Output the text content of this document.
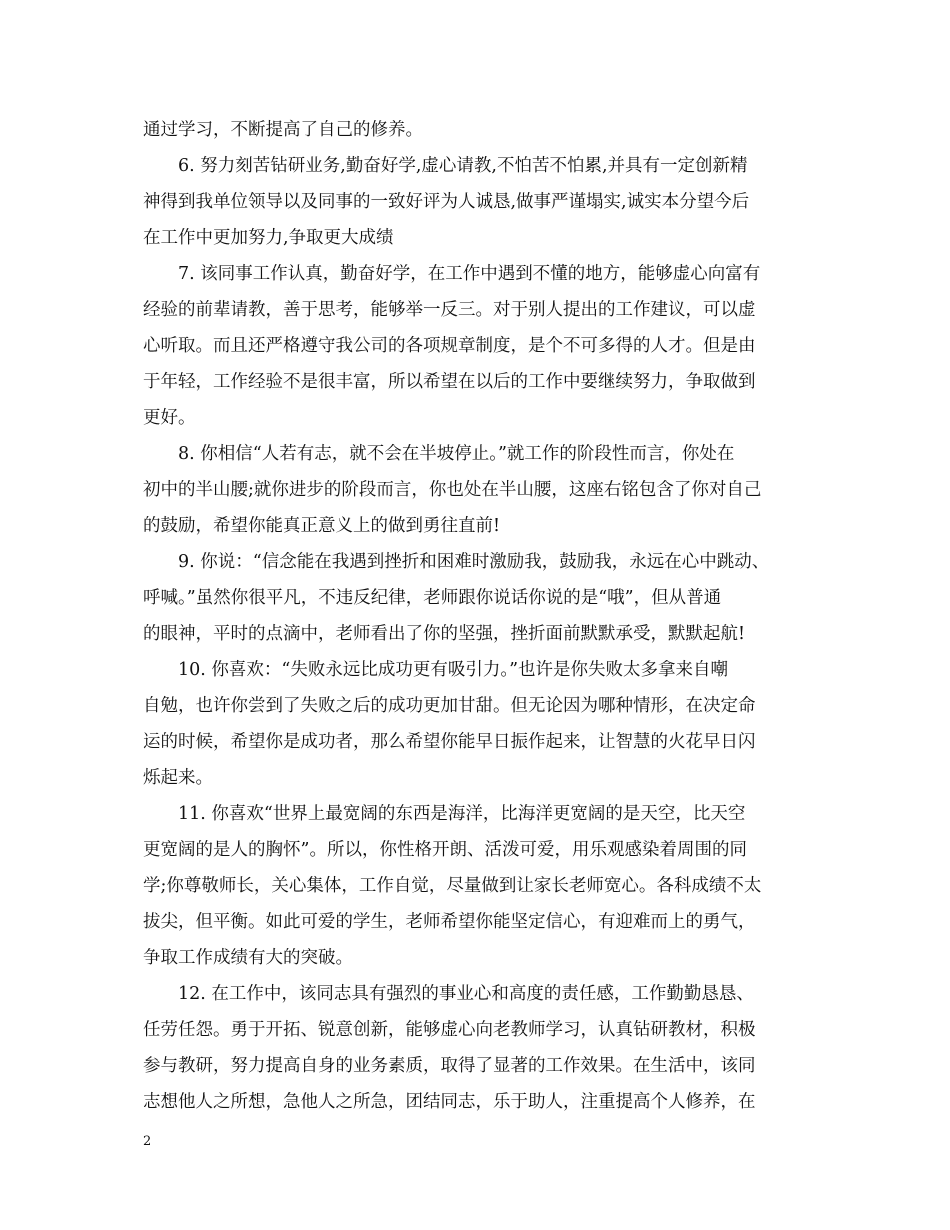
通过学习，不断提高了自己的修养。
6. 努力刻苦钻研业务,勤奋好学,虚心请教,不怕苦不怕累,并具有一定创新精
神得到我单位领导以及同事的一致好评为人诚恳,做事严谨塌实,诚实本分望今后
在工作中更加努力,争取更大成绩
7. 该同事工作认真，勤奋好学，在工作中遇到不懂的地方，能够虚心向富有
经验的前辈请教，善于思考，能够举一反三。对于别人提出的工作建议，可以虚
心听取。而且还严格遵守我公司的各项规章制度，是个不可多得的人才。但是由
于年轻，工作经验不是很丰富，所以希望在以后的工作中要继续努力，争取做到
更好。
8. 你相信“人若有志，就不会在半坡停止。”就工作的阶段性而言，你处在
初中的半山腰;就你进步的阶段而言，你也处在半山腰，这座右铭包含了你对自己
的鼓励，希望你能真正意义上的做到勇往直前!
9. 你说：“信念能在我遇到挫折和困难时激励我，鼓励我，永远在心中跳动、
呼喊。”虽然你很平凡，不违反纪律，老师跟你说话你说的是“哦”，但从普通
的眼神，平时的点滴中，老师看出了你的坚强，挫折面前默默承受，默默起航!
10. 你喜欢：“失败永远比成功更有吸引力。”也许是你失败太多拿来自嘲
自勉，也许你尝到了失败之后的成功更加甘甜。但无论因为哪种情形，在决定命
运的时候，希望你是成功者，那么希望你能早日振作起来，让智慧的火花早日闪
烁起来。
11. 你喜欢“世界上最宽阔的东西是海洋，比海洋更宽阔的是天空，比天空
更宽阔的是人的胸怀”。所以，你性格开朗、活泼可爱，用乐观感染着周围的同
学;你尊敬师长，关心集体，工作自觉，尽量做到让家长老师宽心。各科成绩不太
拔尖，但平衡。如此可爱的学生，老师希望你能坚定信心，有迎难而上的勇气，
争取工作成绩有大的突破。
12. 在工作中，该同志具有强烈的事业心和高度的责任感，工作勤勤恳恳、
任劳任怨。勇于开拓、锐意创新，能够虚心向老教师学习，认真钻研教材，积极
参与教研，努力提高自身的业务素质，取得了显著的工作效果。在生活中，该同
志想他人之所想，急他人之所急，团结同志，乐于助人，注重提高个人修养，在
2
